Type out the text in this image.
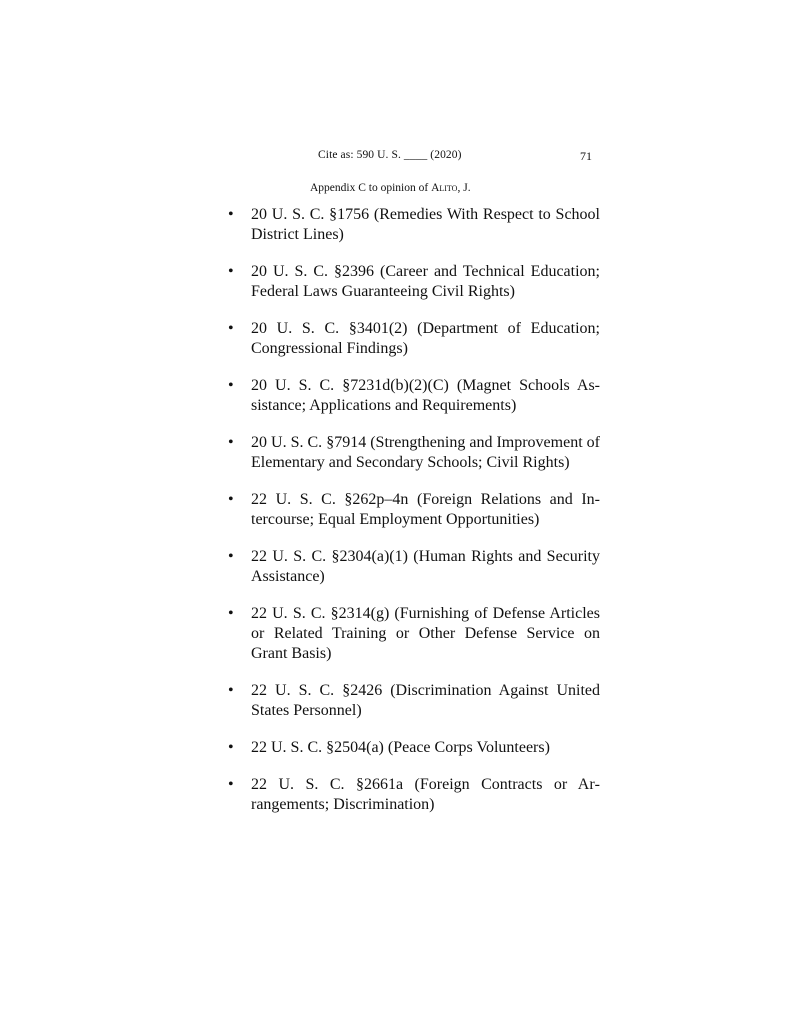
Cite as: 590 U. S. ____ (2020)	71
Appendix C to opinion of Alito, J.
• 20 U. S. C. §1756 (Remedies With Respect to School District Lines)
• 20 U. S. C. §2396 (Career and Technical Education; Federal Laws Guaranteeing Civil Rights)
• 20 U. S. C. §3401(2) (Department of Education; Congressional Findings)
• 20 U. S. C. §7231d(b)(2)(C) (Magnet Schools Assistance; Applications and Requirements)
• 20 U. S. C. §7914 (Strengthening and Improvement of Elementary and Secondary Schools; Civil Rights)
• 22 U. S. C. §262p–4n (Foreign Relations and Intercourse; Equal Employment Opportunities)
• 22 U. S. C. §2304(a)(1) (Human Rights and Security Assistance)
• 22 U. S. C. §2314(g) (Furnishing of Defense Articles or Related Training or Other Defense Service on Grant Basis)
• 22 U. S. C. §2426 (Discrimination Against United States Personnel)
• 22 U. S. C. §2504(a) (Peace Corps Volunteers)
• 22 U. S. C. §2661a (Foreign Contracts or Arrangements; Discrimination)
